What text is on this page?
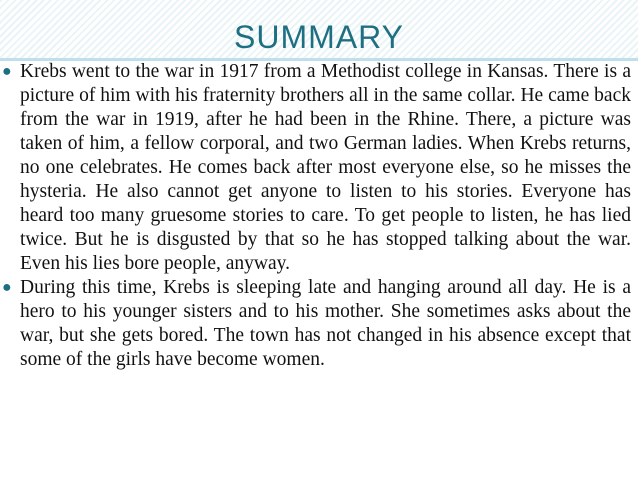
SUMMARY
● Krebs went to the war in 1917 from a Methodist college in Kansas. There is a picture of him with his fraternity brothers all in the same collar. He came back from the war in 1919, after he had been in the Rhine. There, a picture was taken of him, a fellow corporal, and two German ladies. When Krebs returns, no one celebrates. He comes back after most everyone else, so he misses the hysteria. He also cannot get anyone to listen to his stories. Everyone has heard too many gruesome stories to care. To get people to listen, he has lied twice. But he is disgusted by that so he has stopped talking about the war. Even his lies bore people, anyway.
● During this time, Krebs is sleeping late and hanging around all day. He is a hero to his younger sisters and to his mother. She sometimes asks about the war, but she gets bored. The town has not changed in his absence except that some of the girls have become women.
